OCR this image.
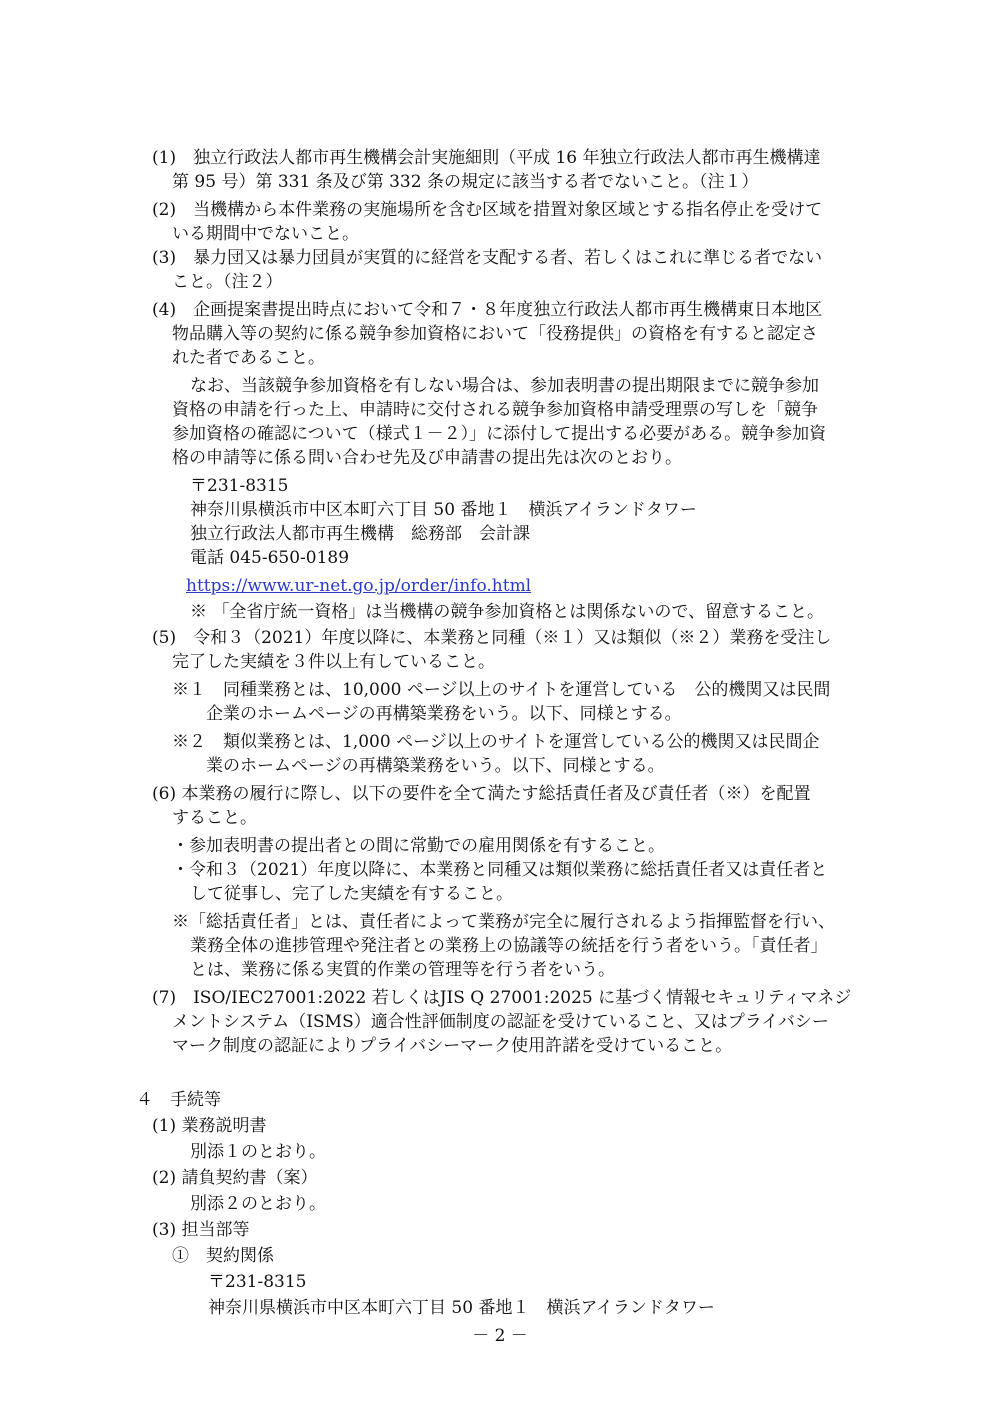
(1)　独立行政法人都市再生機構会計実施細則（平成 16 年独立行政法人都市再生機構達
第 95 号）第 331 条及び第 332 条の規定に該当する者でないこと。（注１）
(2)　当機構から本件業務の実施場所を含む区域を措置対象区域とする指名停止を受けて
いる期間中でないこと。
(3)　暴力団又は暴力団員が実質的に経営を支配する者、若しくはこれに準じる者でない
こと。（注２）
(4)　企画提案書提出時点において令和７・８年度独立行政法人都市再生機構東日本地区
物品購入等の契約に係る競争参加資格において「役務提供」の資格を有すると認定さ
れた者であること。
なお、当該競争参加資格を有しない場合は、参加表明書の提出期限までに競争参加
資格の申請を行った上、申請時に交付される競争参加資格申請受理票の写しを「競争
参加資格の確認について（様式１－２）」に添付して提出する必要がある。競争参加資
格の申請等に係る問い合わせ先及び申請書の提出先は次のとおり。
〒231-8315
神奈川県横浜市中区本町六丁目 50 番地１　横浜アイランドタワー
独立行政法人都市再生機構　総務部　会計課
電話 045-650-0189
https://www.ur-net.go.jp/order/info.html
※ 「全省庁統一資格」は当機構の競争参加資格とは関係ないので、留意すること。
(5)　令和３（2021）年度以降に、本業務と同種（※１）又は類似（※２）業務を受注し
完了した実績を３件以上有していること。
※１　同種業務とは、10,000 ページ以上のサイトを運営している　公的機関又は民間
企業のホームページの再構築業務をいう。以下、同様とする。
※２　類似業務とは、1,000 ページ以上のサイトを運営している公的機関又は民間企
業のホームページの再構築業務をいう。以下、同様とする。
(6) 本業務の履行に際し、以下の要件を全て満たす総括責任者及び責任者（※）を配置
すること。
・参加表明書の提出者との間に常勤での雇用関係を有すること。
・令和３（2021）年度以降に、本業務と同種又は類似業務に総括責任者又は責任者と
して従事し、完了した実績を有すること。
※「総括責任者」とは、責任者によって業務が完全に履行されるよう指揮監督を行い、
業務全体の進捗管理や発注者との業務上の協議等の統括を行う者をいう。「責任者」
とは、業務に係る実質的作業の管理等を行う者をいう。
(7)　ISO/IEC27001:2022 若しくはJIS Q 27001:2025 に基づく情報セキュリティマネジ
メントシステム（ISMS）適合性評価制度の認証を受けていること、又はプライバシー
マーク制度の認証によりプライバシーマーク使用許諾を受けていること。
４　手続等
(1) 業務説明書
別添１のとおり。
(2) 請負契約書（案）
別添２のとおり。
(3) 担当部等
①　契約関係
〒231-8315
神奈川県横浜市中区本町六丁目 50 番地１　横浜アイランドタワー
－ 2 －
